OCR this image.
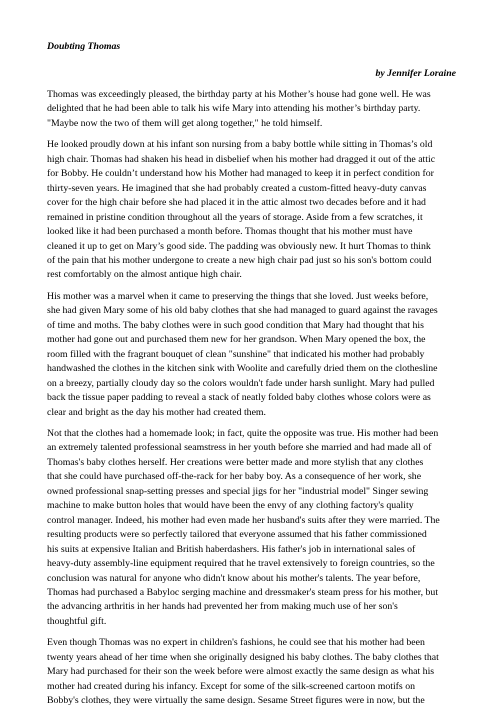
Doubting Thomas
by Jennifer Loraine
Thomas was exceedingly pleased, the birthday party at his Mother’s house had gone well. He was
delighted that he had been able to talk his wife Mary into attending his mother’s birthday party.
"Maybe now the two of them will get along together," he told himself.
He looked proudly down at his infant son nursing from a baby bottle while sitting in Thomas’s old
high chair. Thomas had shaken his head in disbelief when his mother had dragged it out of the attic
for Bobby. He couldn’t understand how his Mother had managed to keep it in perfect condition for
thirty-seven years. He imagined that she had probably created a custom-fitted heavy-duty canvas
cover for the high chair before she had placed it in the attic almost two decades before and it had
remained in pristine condition throughout all the years of storage. Aside from a few scratches, it
looked like it had been purchased a month before. Thomas thought that his mother must have
cleaned it up to get on Mary’s good side. The padding was obviously new. It hurt Thomas to think
of the pain that his mother undergone to create a new high chair pad just so his son's bottom could
rest comfortably on the almost antique high chair.
His mother was a marvel when it came to preserving the things that she loved. Just weeks before,
she had given Mary some of his old baby clothes that she had managed to guard against the ravages
of time and moths. The baby clothes were in such good condition that Mary had thought that his
mother had gone out and purchased them new for her grandson. When Mary opened the box, the
room filled with the fragrant bouquet of clean "sunshine" that indicated his mother had probably
handwashed the clothes in the kitchen sink with Woolite and carefully dried them on the clothesline
on a breezy, partially cloudy day so the colors wouldn't fade under harsh sunlight. Mary had pulled
back the tissue paper padding to reveal a stack of neatly folded baby clothes whose colors were as
clear and bright as the day his mother had created them.
Not that the clothes had a homemade look; in fact, quite the opposite was true. His mother had been
an extremely talented professional seamstress in her youth before she married and had made all of
Thomas's baby clothes herself. Her creations were better made and more stylish that any clothes
that she could have purchased off-the-rack for her baby boy. As a consequence of her work, she
owned professional snap-setting presses and special jigs for her "industrial model" Singer sewing
machine to make button holes that would have been the envy of any clothing factory's quality
control manager. Indeed, his mother had even made her husband's suits after they were married. The
resulting products were so perfectly tailored that everyone assumed that his father commissioned
his suits at expensive Italian and British haberdashers. His father's job in international sales of
heavy-duty assembly-line equipment required that he travel extensively to foreign countries, so the
conclusion was natural for anyone who didn't know about his mother's talents. The year before,
Thomas had purchased a Babyloc serging machine and dressmaker's steam press for his mother, but
the advancing arthritis in her hands had prevented her from making much use of her son's
thoughtful gift.
Even though Thomas was no expert in children's fashions, he could see that his mother had been
twenty years ahead of her time when she originally designed his baby clothes. The baby clothes that
Mary had purchased for their son the week before were almost exactly the same design as what his
mother had created during his infancy. Except for some of the silk-screened cartoon motifs on
Bobby's clothes, they were virtually the same design. Sesame Street figures were in now, but the
